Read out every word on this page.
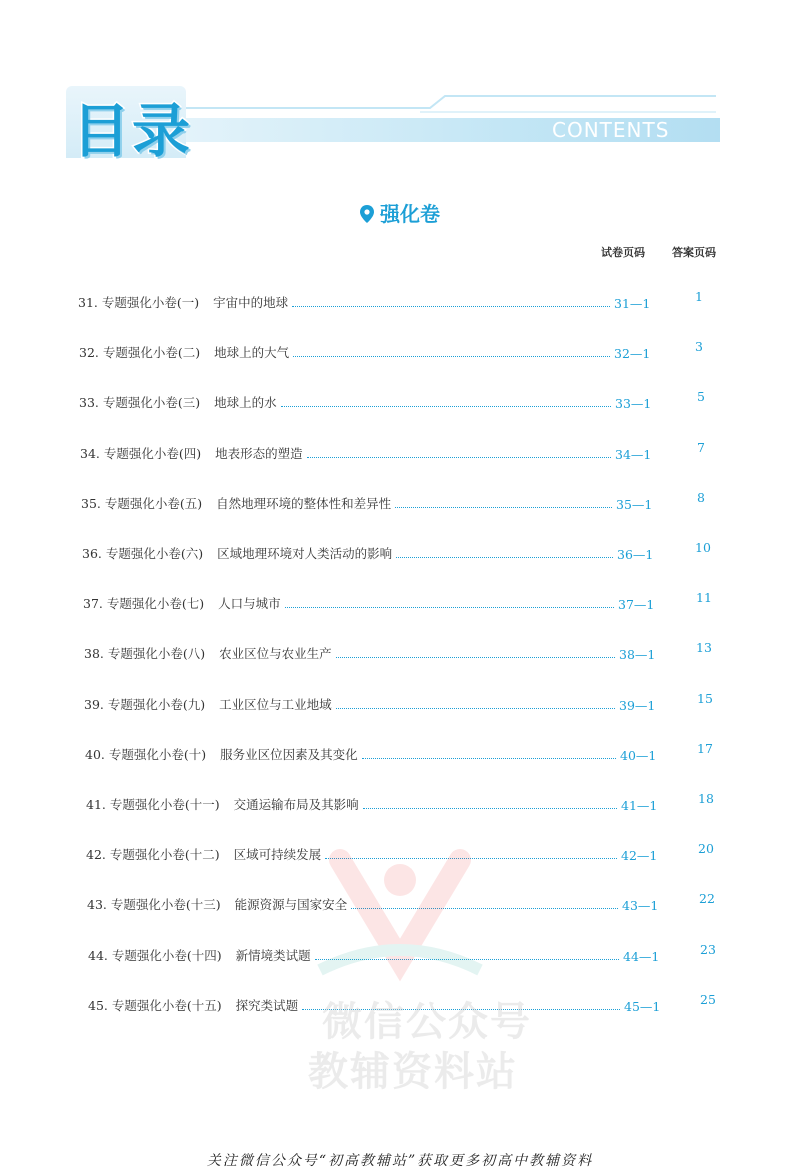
目录	CONTENTS
强化卷
试卷页码 答案页码
31. 专题强化小卷(一) 宇宙中的地球	31—1	1
32. 专题强化小卷(二) 地球上的大气	32—1	3
33. 专题强化小卷(三) 地球上的水	33—1	5
34. 专题强化小卷(四) 地表形态的塑造	34—1	7
35. 专题强化小卷(五) 自然地理环境的整体性和差异性	35—1	8
36. 专题强化小卷(六) 区域地理环境对人类活动的影响	36—1	10
37. 专题强化小卷(七) 人口与城市	37—1	11
38. 专题强化小卷(八) 农业区位与农业生产	38—1	13
39. 专题强化小卷(九) 工业区位与工业地域	39—1	15
40. 专题强化小卷(十) 服务业区位因素及其变化	40—1	17
41. 专题强化小卷(十一) 交通运输布局及其影响	41—1	18
42. 专题强化小卷(十二) 区域可持续发展	42—1	20
43. 专题强化小卷(十三) 能源资源与国家安全	43—1	22
44. 专题强化小卷(十四) 新情境类试题	44—1	23
45. 专题强化小卷(十五) 探究类试题	45—1	25
微信公众号
教辅资料站
关注微信公众号“初高教辅站”获取更多初高中教辅资料
